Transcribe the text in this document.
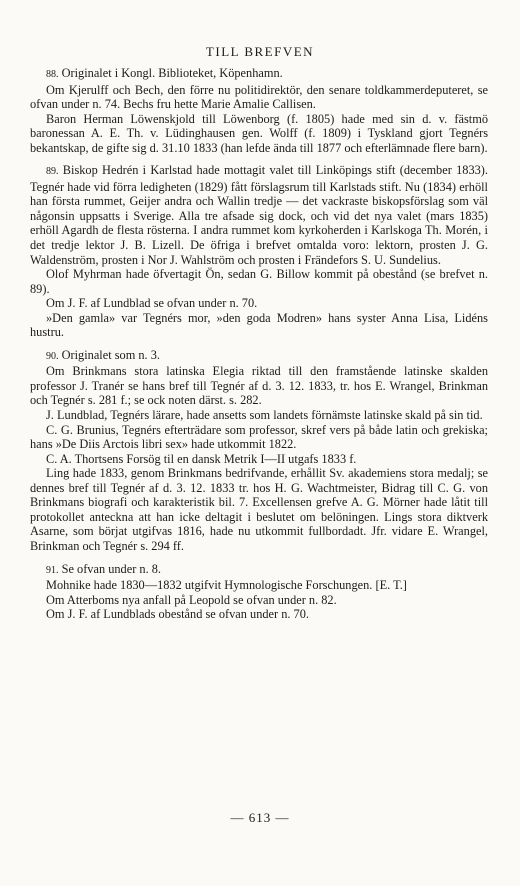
TILL BREFVEN

88. Originalet i Kongl. Biblioteket, Köpenhamn.

Om Kjerulff och Bech, den förre nu politidirektör, den senare toldkammerdeputeret, se ofvan under n. 74. Bechs fru hette Marie Amalie Callisen.

Baron Herman Löwenskjold till Löwenborg (f. 1805) hade med sin d. v. fästmö baronessan A. E. Th. v. Lüdinghausen gen. Wolff (f. 1809) i Tyskland gjort Tegnérs bekantskap, de gifte sig d. 31.10 1833 (han lefde ända till 1877 och efterlämnade flere barn).

89. Biskop Hedrén i Karlstad hade mottagit valet till Linköpings stift (december 1833). Tegnér hade vid förra ledigheten (1829) fått förslagsrum till Karlstads stift. Nu (1834) erhöll han första rummet, Geijer andra och Wallin tredje — det vackraste biskopsförslag som väl någonsin uppsatts i Sverige. Alla tre afsade sig dock, och vid det nya valet (mars 1835) erhöll Agardh de flesta rösterna. I andra rummet kom kyrkoherden i Karlskoga Th. Morén, i det tredje lektor J. B. Lizell. De öfriga i brefvet omtalda voro: lektorn, prosten J. G. Waldenström, prosten i Nor J. Wahlström och prosten i Frändefors S. U. Sundelius.

Olof Myhrman hade öfvertagit Ön, sedan G. Billow kommit på obestånd (se brefvet n. 89).

Om J. F. af Lundblad se ofvan under n. 70.

»Den gamla» var Tegnérs mor, »den goda Modren» hans syster Anna Lisa, Lidéns hustru.

90. Originalet som n. 3.

Om Brinkmans stora latinska Elegia riktad till den framstående latinske skalden professor J. Tranér se hans bref till Tegnér af d. 3. 12. 1833, tr. hos E. Wrangel, Brinkman och Tegnér s. 281 f.; se ock noten därst. s. 282.

J. Lundblad, Tegnérs lärare, hade ansetts som landets förnämste latinske skald på sin tid.

C. G. Brunius, Tegnérs efterträdare som professor, skref vers på både latin och grekiska; hans »De Diis Arctois libri sex» hade utkommit 1822.

C. A. Thortsens Forsög til en dansk Metrik I—II utgafs 1833 f.

Ling hade 1833, genom Brinkmans bedrifvande, erhållit Sv. akademiens stora medalj; se dennes bref till Tegnér af d. 3. 12. 1833 tr. hos H. G. Wachtmeister, Bidrag till C. G. von Brinkmans biografi och karakteristik bil. 7. Excellensen grefve A. G. Mörner hade låtit till protokollet anteckna att han icke deltagit i beslutet om belöningen. Lings stora diktverk Asarne, som börjat utgifvas 1816, hade nu utkommit fullbordadt. Jfr. vidare E. Wrangel, Brinkman och Tegnér s. 294 ff.

91. Se ofvan under n. 8.

Mohnike hade 1830—1832 utgifvit Hymnologische Forschungen. [E. T.]

Om Atterboms nya anfall på Leopold se ofvan under n. 82.

Om J. F. af Lundblads obestånd se ofvan under n. 70.

— 613 —
